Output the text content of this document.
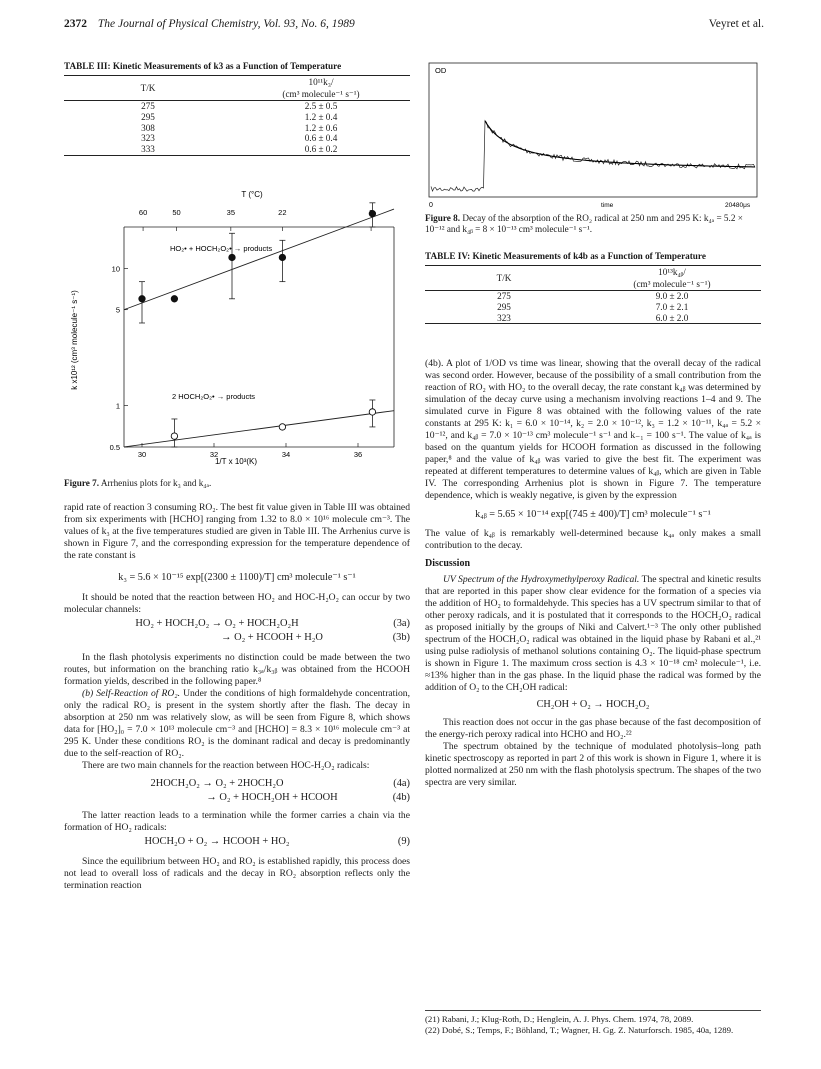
2372 The Journal of Physical Chemistry, Vol. 93, No. 6, 1989	Veyret et al.
TABLE III: Kinetic Measurements of k3 as a Function of Temperature
T/K	10¹¹k₃/
	(cm³ molecule⁻¹ s⁻¹)
275	2.5 ± 0.5
295	1.2 ± 0.4
308	1.2 ± 0.6
323	0.6 ± 0.4
333	0.6 ± 0.2
T (°C)
60	50	35	22
30	32	34	36
10
5
1
0.5
1/T x 10³(K)
k x10¹² (cm³ molecule⁻¹ s⁻¹)
HO₂• + HOCH₂O₂• → products
2 HOCH₂O₂• → products
Figure 7. Arrhenius plots for k₃ and k₄ₐ.

rapid rate of reaction 3 consuming RO₂. The best fit value given in Table III was obtained from six experiments with [HCHO] ranging from 1.32 to 8.0 × 10¹⁶ molecule cm⁻³. The values of k₃ at the five temperatures studied are given in Table III. The Arrhenius curve is shown in Figure 7, and the corresponding expression for the temperature dependence of the rate constant is

k₃ = 5.6 × 10⁻¹⁵ exp[(2300 ± 1100)/T] cm³ molecule⁻¹ s⁻¹

It should be noted that the reaction between HO₂ and HOC-H₂O₂ can occur by two molecular channels:

HO₂ + HOCH₂O₂ → O₂ + HOCH₂O₂H	(3a)
→ O₂ + HCOOH + H₂O	(3b)

In the flash photolysis experiments no distinction could be made between the two routes, but information on the branching ratio k₃ₐ/k₃ᵦ was obtained from the HCOOH formation yields, described in the following paper.⁸

(b) Self-Reaction of RO₂. Under the conditions of high formaldehyde concentration, only the radical RO₂ is present in the system shortly after the flash. The decay in absorption at 250 nm was relatively slow, as will be seen from Figure 8, which shows data for [HO₂]₀ = 7.0 × 10¹³ molecule cm⁻³ and [HCHO] = 8.3 × 10¹⁶ molecule cm⁻³ at 295 K. Under these conditions RO₂ is the dominant radical and decay is predominantly due to the self-reaction of RO₂.

There are two main channels for the reaction between HOC-H₂O₂ radicals:

2HOCH₂O₂ → O₂ + 2HOCH₂O	(4a)
→ O₂ + HOCH₂OH + HCOOH	(4b)

The latter reaction leads to a termination while the former carries a chain via the formation of HO₂ radicals:

HOCH₂O + O₂ → HCOOH + HO₂	(9)

Since the equilibrium between HO₂ and RO₂ is established rapidly, this process does not lead to overall loss of radicals and the decay in RO₂ absorption reflects only the termination reaction

OD
0	time	20480μs
Figure 8. Decay of the absorption of the RO₂ radical at 250 nm and 295 K: k₄ₐ = 5.2 × 10⁻¹² and k₄ᵦ = 8 × 10⁻¹³ cm³ molecule⁻¹ s⁻¹.
TABLE IV: Kinetic Measurements of k4b as a Function of Temperature
T/K	10¹³k₄ᵦ/
	(cm³ molecule⁻¹ s⁻¹)
275	9.0 ± 2.0
295	7.0 ± 2.1
323	6.0 ± 2.0

(4b). A plot of 1/OD vs time was linear, showing that the overall decay of the radical was second order. However, because of the possibility of a small contribution from the reaction of RO₂ with HO₂ to the overall decay, the rate constant k₄ᵦ was determined by simulation of the decay curve using a mechanism involving reactions 1–4 and 9. The simulated curve in Figure 8 was obtained with the following values of the rate constants at 295 K: k₁ = 6.0 × 10⁻¹⁴, k₂ = 2.0 × 10⁻¹², k₃ = 1.2 × 10⁻¹¹, k₄ₐ = 5.2 × 10⁻¹², and k₄ᵦ = 7.0 × 10⁻¹³ cm³ molecule⁻¹ s⁻¹ and k₋₁ = 100 s⁻¹. The value of k₄ₐ is based on the quantum yields for HCOOH formation as discussed in the following paper,⁸ and the value of k₄ᵦ was varied to give the best fit. The experiment was repeated at different temperatures to determine values of k₄ᵦ, which are given in Table IV. The corresponding Arrhenius plot is shown in Figure 7. The temperature dependence, which is weakly negative, is given by the expression

k₄ᵦ = 5.65 × 10⁻¹⁴ exp[(745 ± 400)/T] cm³ molecule⁻¹ s⁻¹

The value of k₄ᵦ is remarkably well-determined because k₄ₐ only makes a small contribution to the decay.

Discussion

UV Spectrum of the Hydroxymethylperoxy Radical. The spectral and kinetic results that are reported in this paper show clear evidence for the formation of a species via the addition of HO₂ to formaldehyde. This species has a UV spectrum similar to that of other peroxy radicals, and it is postulated that it corresponds to the HOCH₂O₂ radical as proposed initially by the groups of Niki and Calvert.¹⁻³ The only other published spectrum of the HOCH₂O₂ radical was obtained in the liquid phase by Rabani et al.,²¹ using pulse radiolysis of methanol solutions containing O₂. The liquid-phase spectrum is shown in Figure 1. The maximum cross section is 4.3 × 10⁻¹⁸ cm² molecule⁻¹, i.e. ≈13% higher than in the gas phase. In the liquid phase the radical was formed by the addition of O₂ to the CH₂OH radical:

CH₂OH + O₂ → HOCH₂O₂

This reaction does not occur in the gas phase because of the fast decomposition of the energy-rich peroxy radical into HCHO and HO₂.²²

The spectrum obtained by the technique of modulated photolysis–long path kinetic spectroscopy as reported in part 2 of this work is shown in Figure 1, where it is plotted normalized at 250 nm with the flash photolysis spectrum. The shapes of the two spectra are very similar.

(21) Rabani, J.; Klug-Roth, D.; Henglein, A. J. Phys. Chem. 1974, 78, 2089.
(22) Dobé, S.; Temps, F.; Böhland, T.; Wagner, H. Gg. Z. Naturforsch. 1985, 40a, 1289.
